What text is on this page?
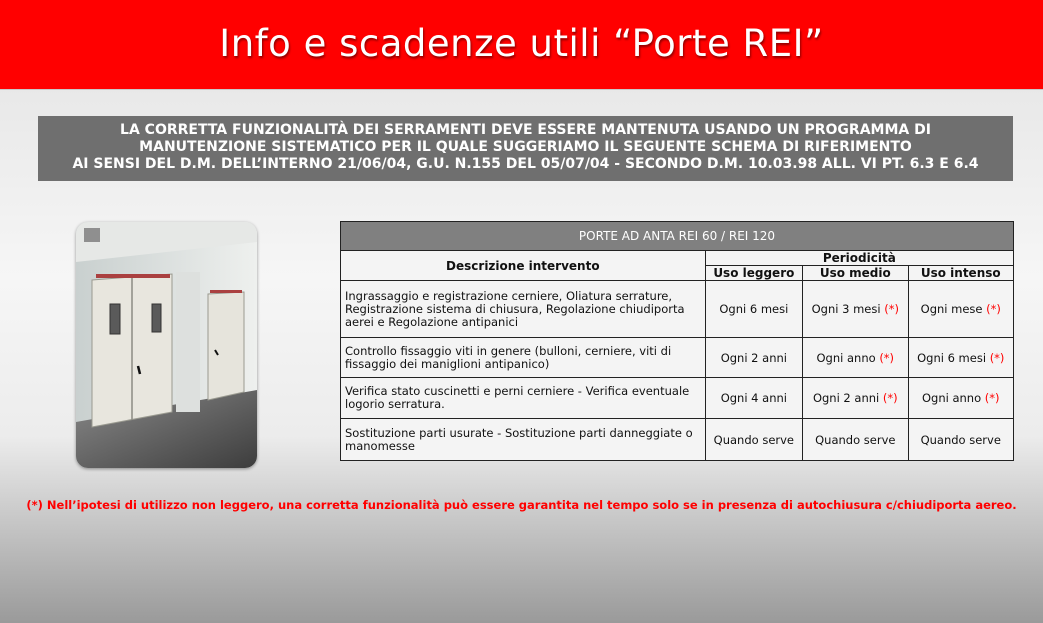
Info e scadenze utili “Porte REI”
LA CORRETTA FUNZIONALITÀ DEI SERRAMENTI DEVE ESSERE MANTENUTA USANDO UN PROGRAMMA DI
MANUTENZIONE SISTEMATICO PER IL QUALE SUGGERIAMO IL SEGUENTE SCHEMA DI RIFERIMENTO
AI SENSI DEL D.M. DELL’INTERNO 21/06/04, G.U. N.155 DEL 05/07/04 - SECONDO D.M. 10.03.98 ALL. VI PT. 6.3 E 6.4
PORTE AD ANTA REI 60 / REI 120			
Descrizione intervento	Periodicità		
	Uso leggero	Uso medio	Uso intenso
Ingrassaggio e registrazione cerniere, Oliatura serrature, Registrazione sistema di chiusura, Regolazione chiudiporta aerei e Regolazione antipanici	Ogni 6 mesi	Ogni 3 mesi (*)	Ogni mese (*)
Controllo fissaggio viti in genere (bulloni, cerniere, viti di fissaggio dei maniglioni antipanico)	Ogni 2 anni	Ogni anno (*)	Ogni 6 mesi (*)
Verifica stato cuscinetti e perni cerniere - Verifica eventuale logorio serratura.	Ogni 4 anni	Ogni 2 anni (*)	Ogni anno (*)
Sostituzione parti usurate - Sostituzione parti danneggiate o manomesse	Quando serve	Quando serve	Quando serve
(*) Nell’ipotesi di utilizzo non leggero, una corretta funzionalità può essere garantita nel tempo solo se in presenza di autochiusura c/chiudiporta aereo.
